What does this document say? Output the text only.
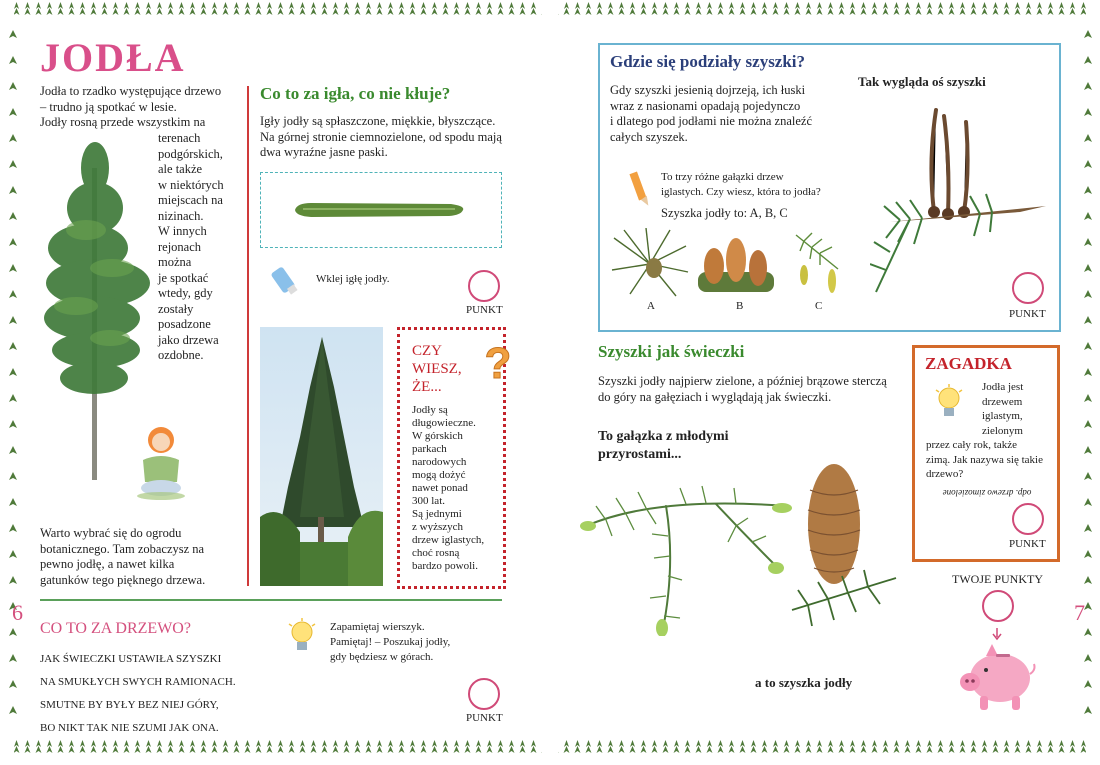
JODŁA
Jodła to rzadko występujące drzewo
– trudno ją spotkać w lesie.
Jodły rosną przede wszystkim na
terenach
podgórskich,
ale także
w niektórych
miejscach na
nizinach.
W innych
rejonach
można
je spotkać
wtedy, gdy
zostały
posadzone
jako drzewa
ozdobne.
Warto wybrać się do ogrodu
botanicznego. Tam zobaczysz na
pewno jodłę, a nawet kilka
gatunków tego pięknego drzewa.
Co to za igła, co nie kłuje?
Igły jodły są spłaszczone, miękkie, błyszczące.
Na górnej stronie ciemnozielone, od spodu mają
dwa wyraźne jasne paski.
Wklej igłę jodły.
PUNKT
CZY
WIESZ,
ŻE...
Jodły są
długowieczne.
W górskich
parkach
narodowych
mogą dożyć
nawet ponad
300 lat.
Są jednymi
z wyższych
drzew iglastych,
choć rosną
bardzo powoli.
?
6
CO TO ZA DRZEWO?
JAK ŚWIECZKI USTAWIŁA SZYSZKI
NA SMUKŁYCH SWYCH RAMIONACH.
SMUTNE BY BYŁY BEZ NIEJ GÓRY,
BO NIKT TAK NIE SZUMI JAK ONA.
Zapamiętaj wierszyk.
Pamiętaj! – Poszukaj jodły,
gdy będziesz w górach.
PUNKT
Gdzie się podziały szyszki?
Gdy szyszki jesienią dojrzeją, ich łuski
wraz z nasionami opadają pojedynczo
i dlatego pod jodłami nie można znaleźć
całych szyszek.
Tak wygląda oś szyszki
To trzy różne gałązki drzew
iglastych. Czy wiesz, która to jodła?
Szyszka jodły to: A, B, C
A	B	C
PUNKT
Szyszki jak świeczki
Szyszki jodły najpierw zielone, a później brązowe sterczą
do góry na gałęziach i wyglądają jak świeczki.
To gałązka z młodymi
przyrostami...
a to szyszka jodły
ZAGADKA
Jodła jest
drzewem
iglastym,
zielonym
przez cały rok, także
zimą. Jak nazywa się takie
drzewo?
odp. drzewo zimozielone
PUNKT
TWOJE PUNKTY
7
